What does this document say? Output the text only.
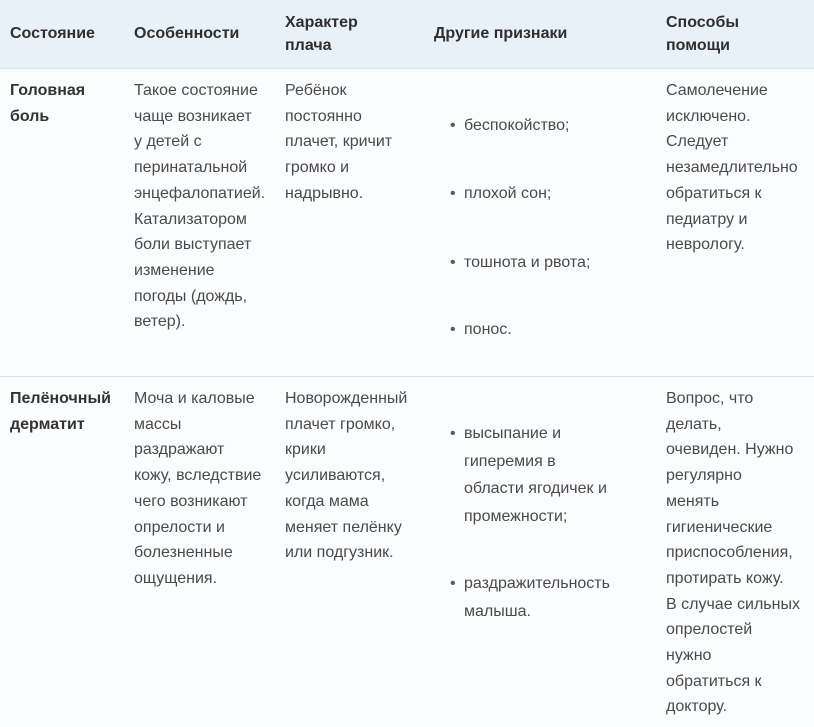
Состояние Особенности
Характер
плача
Другие признаки
Способы
помощи
Головная
боль
Такое состояние
чаще возникает
у детей с
перинатальной
энцефалопатией.
Катализатором
боли выступает
изменение
погоды (дождь,
ветер).
Ребёнок
постоянно
плачет, кричит
громко и
надрывно.
• беспокойство;
• плохой сон;
• тошнота и рвота;
• понос.
Самолечение
исключено.
Следует
незамедлительно
обратиться к
педиатру и
неврологу.
Пелёночный
дерматит
Моча и каловые
массы
раздражают
кожу, вследствие
чего возникают
опрелости и
болезненные
ощущения.
Новорожденный
плачет громко,
крики
усиливаются,
когда мама
меняет пелёнку
или подгузник.
• высыпание и
гиперемия в
области ягодичек и
промежности;
• раздражительность
малыша.
Вопрос, что
делать,
очевиден. Нужно
регулярно
менять
гигиенические
приспособления,
протирать кожу.
В случае сильных
опрелостей
нужно
обратиться к
доктору.
